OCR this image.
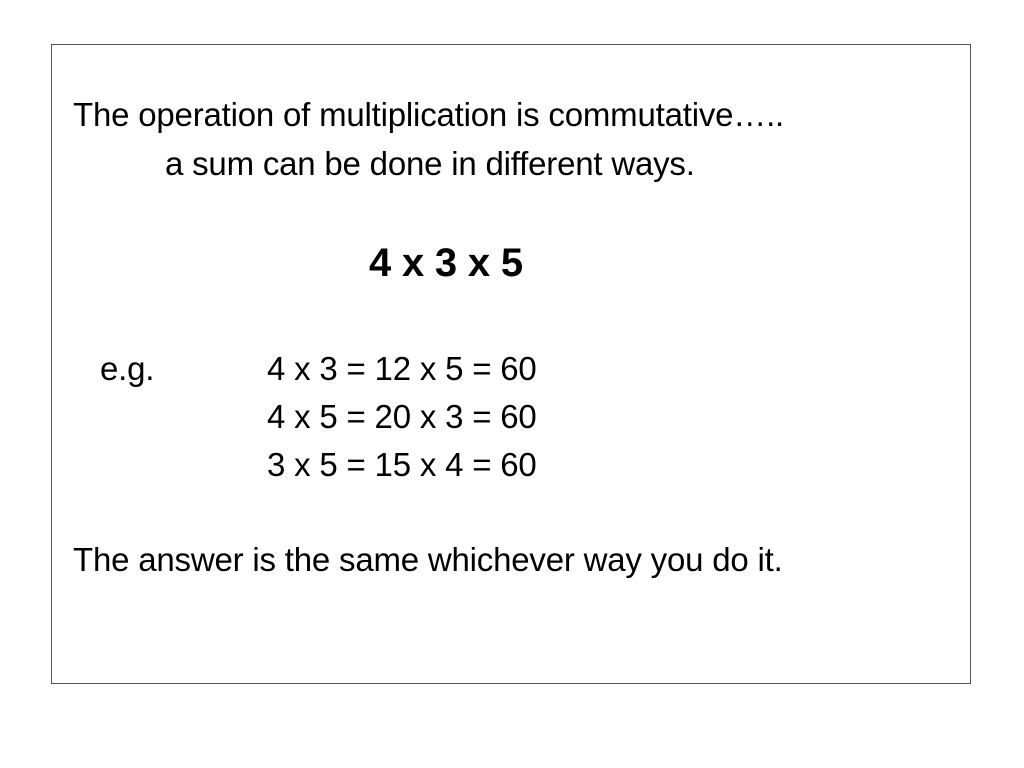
The operation of multiplication is commutative…..
a sum can be done in different ways.
4 x 3 x 5
e.g.	4 x 3 = 12 x 5 = 60
4 x 5 = 20 x 3 = 60
3 x 5 = 15 x 4 = 60
The answer is the same whichever way you do it.
